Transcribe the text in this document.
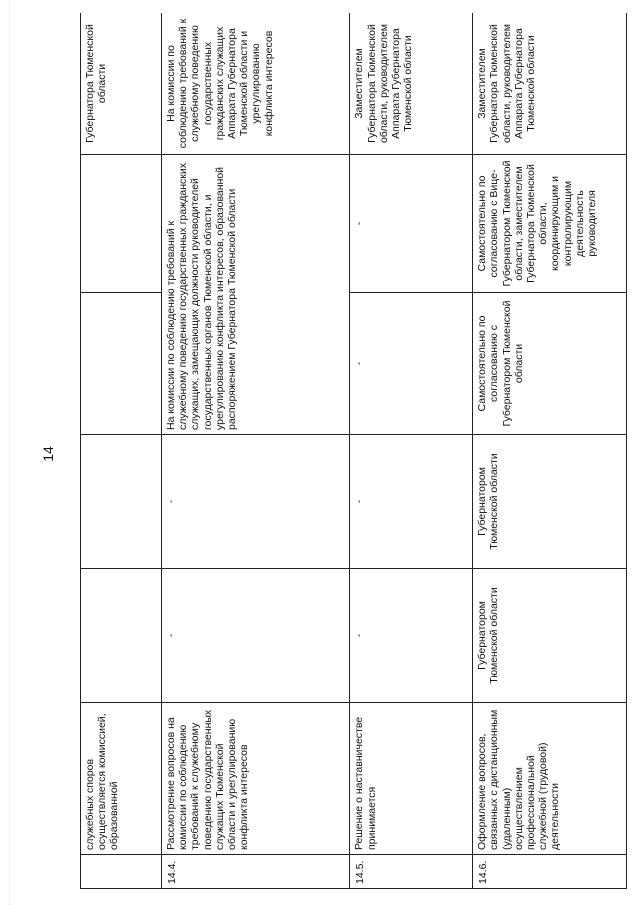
14
	служебных споров осуществляется комиссией, образованной					Губернатора Тюменской области
14.4.	Рассмотрение вопросов на комиссии по соблюдению требований к служебному поведению государственных служащих Тюменской области и урегулированию конфликта интересов	-	-	На комиссии по соблюдению требований к служебному поведению государственных гражданских служащих, замещающих должности руководителей государственных органов Тюменской области, и урегулированию конфликта интересов, образованной распоряжением Губернатора Тюменской области		На комиссии по соблюдению требований к служебному поведению государственных гражданских служащих Аппарата Губернатора Тюменской области и урегулированию конфликта интересов
14.5.	Решение о наставничестве принимается	-	-	-	-	Заместителем Губернатора Тюменской области, руководителем Аппарата Губернатора Тюменской области
14.6.	Оформление вопросов, связанных с дистанционным (удаленным) осуществлением профессиональной служебной (трудовой) деятельности	Губернатором Тюменской области	Губернатором Тюменской области	Самостоятельно по согласованию с Губернатором Тюменской области	Самостоятельно по согласованию с Вице-Губернатором Тюменской области, заместителем Губернатора Тюменской области, координирующим и контролирующим деятельность руководителя	Заместителем Губернатора Тюменской области, руководителем Аппарата Губернатора Тюменской области
